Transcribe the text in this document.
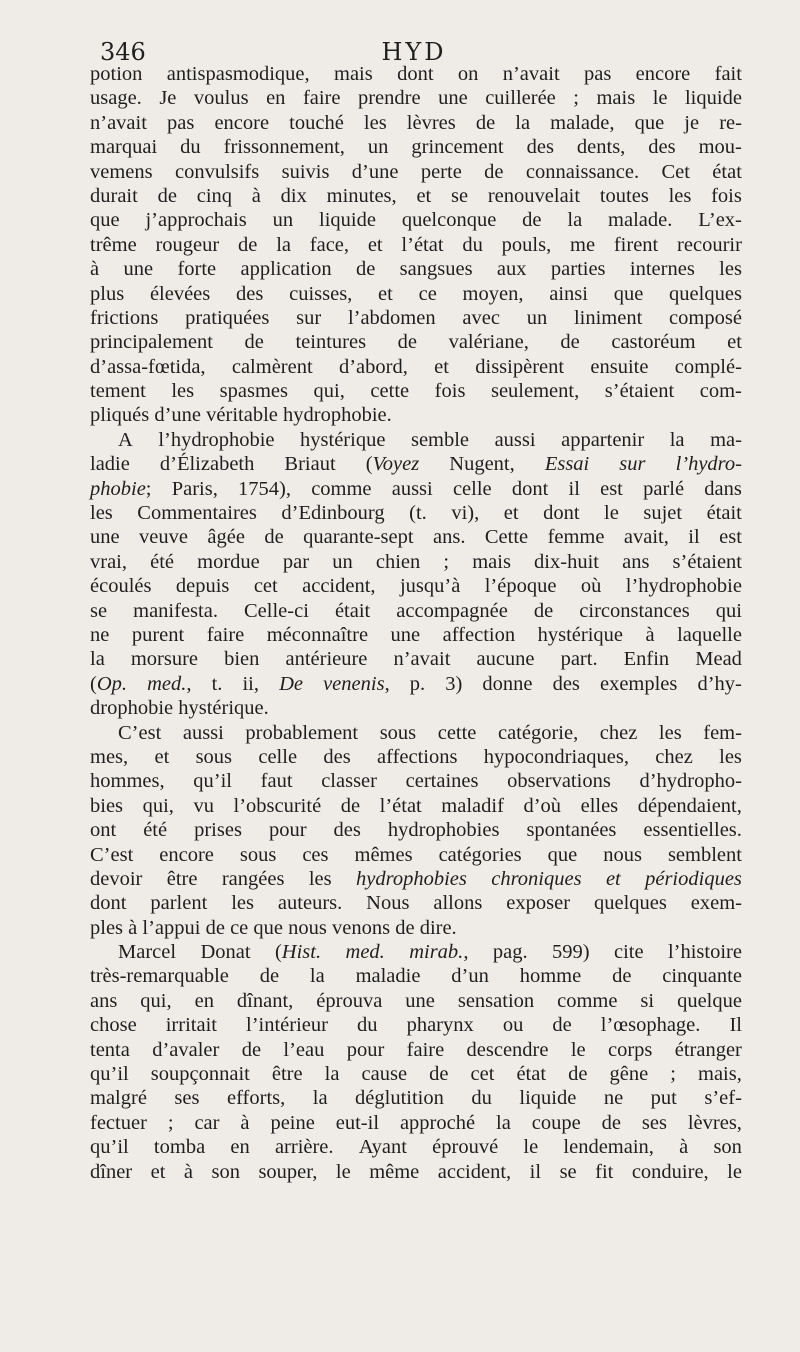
346	HYD
potion antispasmodique, mais dont on n’avait pas encore fait
usage. Je voulus en faire prendre une cuillerée ; mais le liquide
n’avait pas encore touché les lèvres de la malade, que je re-
marquai du frissonnement, un grincement des dents, des mou-
vemens convulsifs suivis d’une perte de connaissance. Cet état
durait de cinq à dix minutes, et se renouvelait toutes les fois
que j’approchais un liquide quelconque de la malade. L’ex-
trême rougeur de la face, et l’état du pouls, me firent recourir
à une forte application de sangsues aux parties internes les
plus élevées des cuisses, et ce moyen, ainsi que quelques
frictions pratiquées sur l’abdomen avec un liniment composé
principalement de teintures de valériane, de castoréum et
d’assa-fœtida, calmèrent d’abord, et dissipèrent ensuite complé-
tement les spasmes qui, cette fois seulement, s’étaient com-
pliqués
d’une
véritable
hydrophobie.
A l’hydrophobie hystérique semble aussi appartenir la ma-
ladie d’Élizabeth Briaut (Voyez Nugent, Essai sur l’hydro-
phobie; Paris, 1754), comme aussi celle dont il est parlé dans
les Commentaires d’Edinbourg (t. vi), et dont le sujet était
une veuve âgée de quarante-sept ans. Cette femme avait, il est
vrai, été mordue par un chien ; mais dix-huit ans s’étaient
écoulés depuis cet accident, jusqu’à l’époque où l’hydrophobie
se manifesta. Celle-ci était accompagnée de circonstances qui
ne purent faire méconnaître une affection hystérique à laquelle
la morsure bien antérieure n’avait aucune part. Enfin Mead
(Op. med., t. ii, De venenis, p. 3) donne des exemples d’hy-
drophobie
hystérique.
C’est aussi probablement sous cette catégorie, chez les fem-
mes, et sous celle des affections hypocondriaques, chez les
hommes, qu’il faut classer certaines observations d’hydropho-
bies qui, vu l’obscurité de l’état maladif d’où elles dépendaient,
ont été prises pour des hydrophobies spontanées essentielles.
C’est encore sous ces mêmes catégories que nous semblent
devoir être rangées les hydrophobies chroniques et périodiques
dont parlent les auteurs. Nous allons exposer quelques exem-
ples
à
l’appui
de
ce
que
nous
venons
de
dire.
Marcel Donat (Hist. med. mirab., pag. 599) cite l’histoire
très-remarquable de la maladie d’un homme de cinquante
ans qui, en dînant, éprouva une sensation comme si quelque
chose irritait l’intérieur du pharynx ou de l’œsophage. Il
tenta d’avaler de l’eau pour faire descendre le corps étranger
qu’il soupçonnait être la cause de cet état de gêne ; mais,
malgré ses efforts, la déglutition du liquide ne put s’ef-
fectuer ; car à peine eut-il approché la coupe de ses lèvres,
qu’il tomba en arrière. Ayant éprouvé le lendemain, à son
dîner et à son souper, le même accident, il se fit conduire, le
